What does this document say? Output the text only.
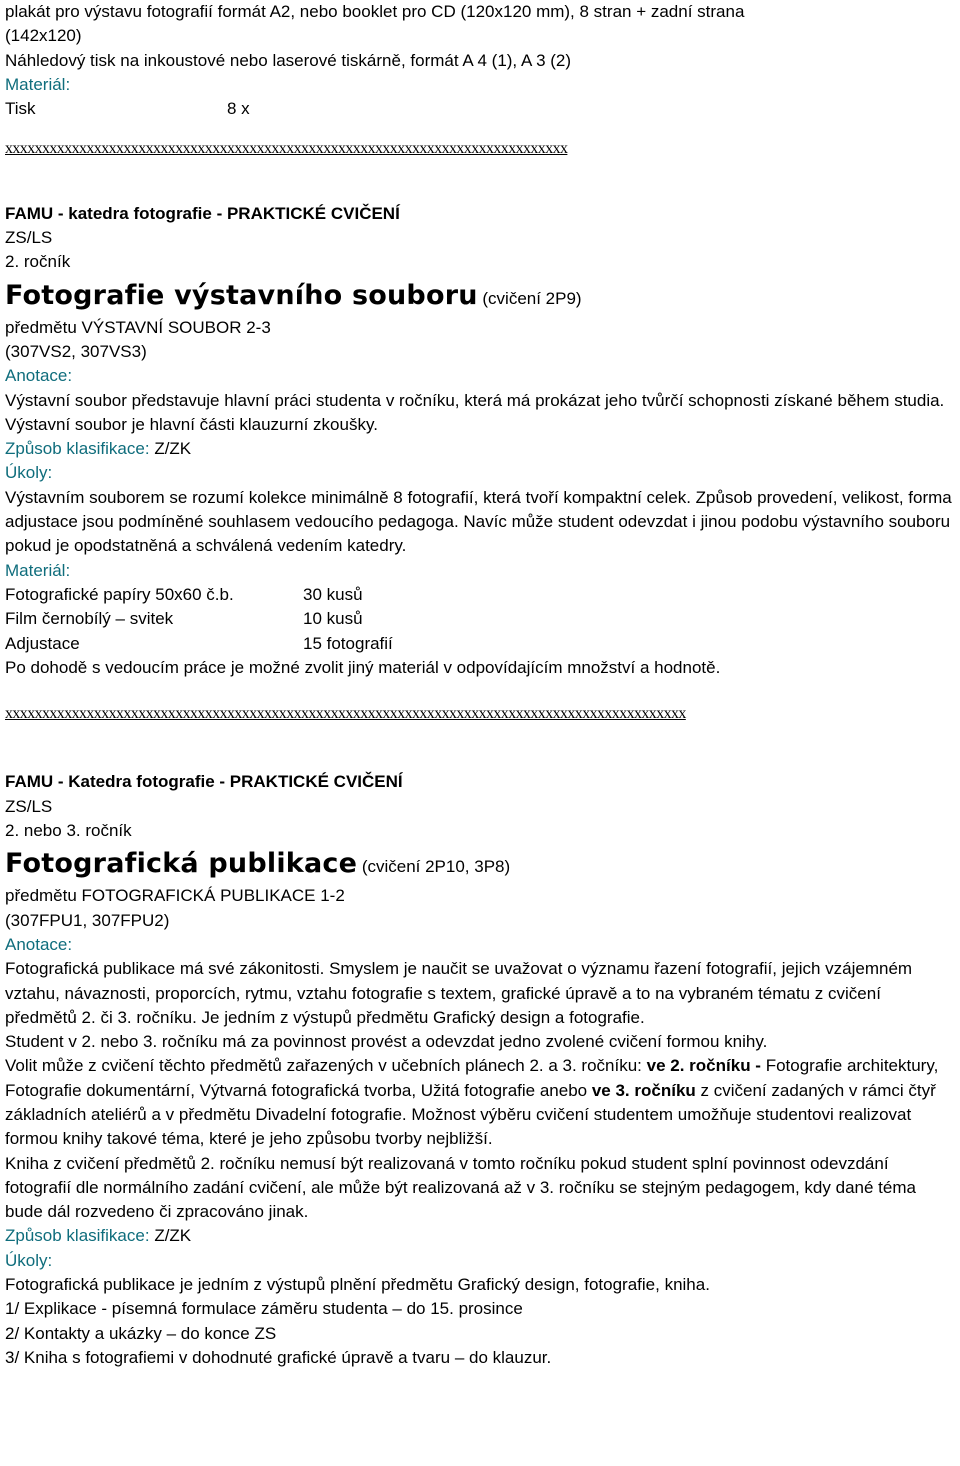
plakát pro výstavu fotografií formát A2, nebo booklet pro CD (120x120 mm), 8 stran + zadní strana
(142x120)
Náhledový tisk na inkoustové nebo laserové tiskárně, formát A 4 (1), A 3 (2)
Materiál:
Tisk	8 x
xxxxxxxxxxxxxxxxxxxxxxxxxxxxxxxxxxxxxxxxxxxxxxxxxxxxxxxxxxxxxxxxxxxxxxxxxxxx
FAMU - katedra fotografie - PRAKTICKÉ CVIČENÍ
ZS/LS
2. ročník
Fotografie výstavního souboru (cvičení 2P9)
předmětu VÝSTAVNÍ SOUBOR 2-3
(307VS2, 307VS3)
Anotace:
Výstavní soubor představuje hlavní práci studenta v ročníku, která má prokázat jeho tvůrčí schopnosti získané během studia. Výstavní soubor je hlavní části klauzurní zkoušky.
Způsob klasifikace: Z/ZK
Úkoly:
Výstavním souborem se rozumí kolekce minimálně 8 fotografií, která tvoří kompaktní celek. Způsob provedení, velikost, forma adjustace jsou podmíněné souhlasem vedoucího pedagoga. Navíc může student odevzdat i jinou podobu výstavního souboru pokud je opodstatněná a schválená vedením katedry.
Materiál:
Fotografické papíry 50x60 č.b.	30 kusů
Film černobílý – svitek	10 kusů
Adjustace	15 fotografií
Po dohodě s vedoucím práce je možné zvolit jiný materiál v odpovídajícím množství a hodnotě.
xxxxxxxxxxxxxxxxxxxxxxxxxxxxxxxxxxxxxxxxxxxxxxxxxxxxxxxxxxxxxxxxxxxxxxxxxxxxxxxxxxxxxxxxxxxx
FAMU - Katedra fotografie - PRAKTICKÉ CVIČENÍ
ZS/LS
2. nebo 3. ročník
Fotografická publikace (cvičení 2P10, 3P8)
předmětu FOTOGRAFICKÁ PUBLIKACE 1-2
(307FPU1, 307FPU2)
Anotace:
Fotografická publikace má své zákonitosti. Smyslem je naučit se uvažovat o významu řazení fotografií, jejich vzájemném vztahu, návaznosti, proporcích, rytmu, vztahu fotografie s textem, grafické úpravě a to na vybraném tématu z cvičení předmětů 2. či 3. ročníku. Je jedním z výstupů předmětu Grafický design a fotografie.
Student v 2. nebo 3. ročníku má za povinnost provést a odevzdat jedno zvolené cvičení formou knihy.
Volit může z cvičení těchto předmětů zařazených v učebních plánech 2. a 3. ročníku: ve 2. ročníku - Fotografie architektury, Fotografie dokumentární, Výtvarná fotografická tvorba, Užitá fotografie anebo ve 3. ročníku z cvičení zadaných v rámci čtyř základních ateliérů a v předmětu Divadelní fotografie. Možnost výběru cvičení studentem umožňuje studentovi realizovat formou knihy takové téma, které je jeho způsobu tvorby nejbližší.
Kniha z cvičení předmětů 2. ročníku nemusí být realizovaná v tomto ročníku pokud student splní povinnost odevzdání fotografií dle normálního zadání cvičení, ale může být realizovaná až v 3. ročníku se stejným pedagogem, kdy dané téma bude dál rozvedeno či zpracováno jinak.
Způsob klasifikace: Z/ZK
Úkoly:
Fotografická publikace je jedním z výstupů plnění předmětu Grafický design, fotografie, kniha.
1/ Explikace - písemná formulace záměru studenta – do 15. prosince
2/ Kontakty a ukázky – do konce ZS
3/ Kniha s fotografiemi v dohodnuté grafické úpravě a tvaru – do klauzur.
